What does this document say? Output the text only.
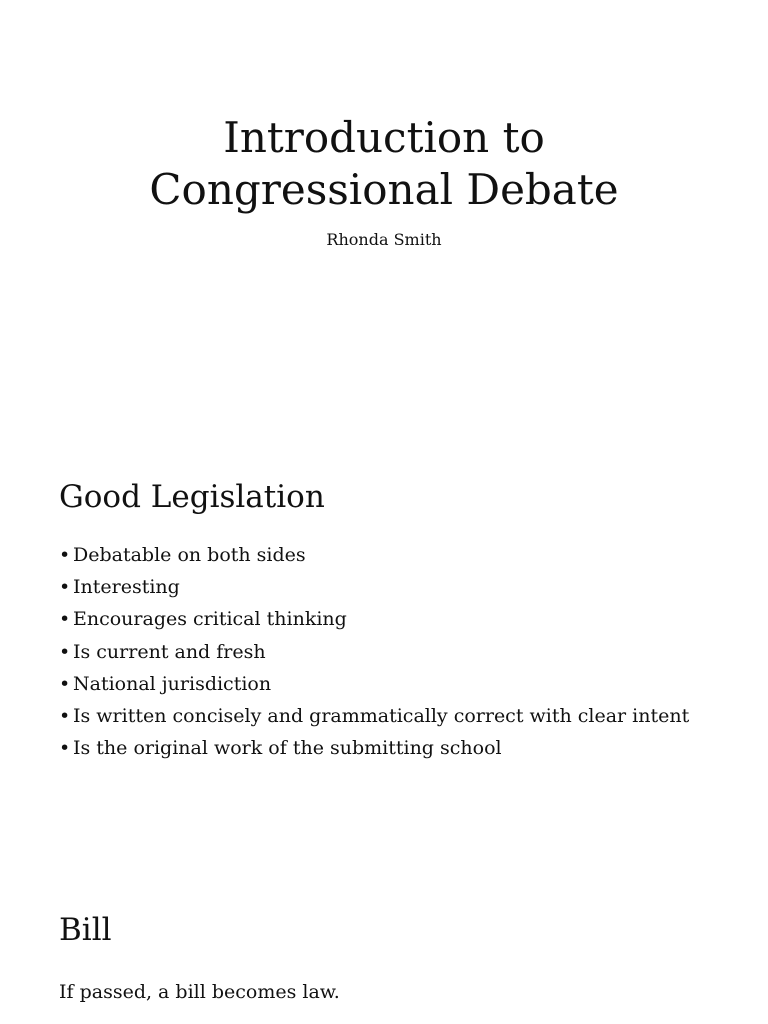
Introduction to
Congressional Debate
Rhonda Smith
Good Legislation
• Debatable on both sides
• Interesting
• Encourages critical thinking
• Is current and fresh
• National jurisdiction
• Is written concisely and grammatically correct with clear intent
• Is the original work of the submitting school
Bill
If passed, a bill becomes law.
